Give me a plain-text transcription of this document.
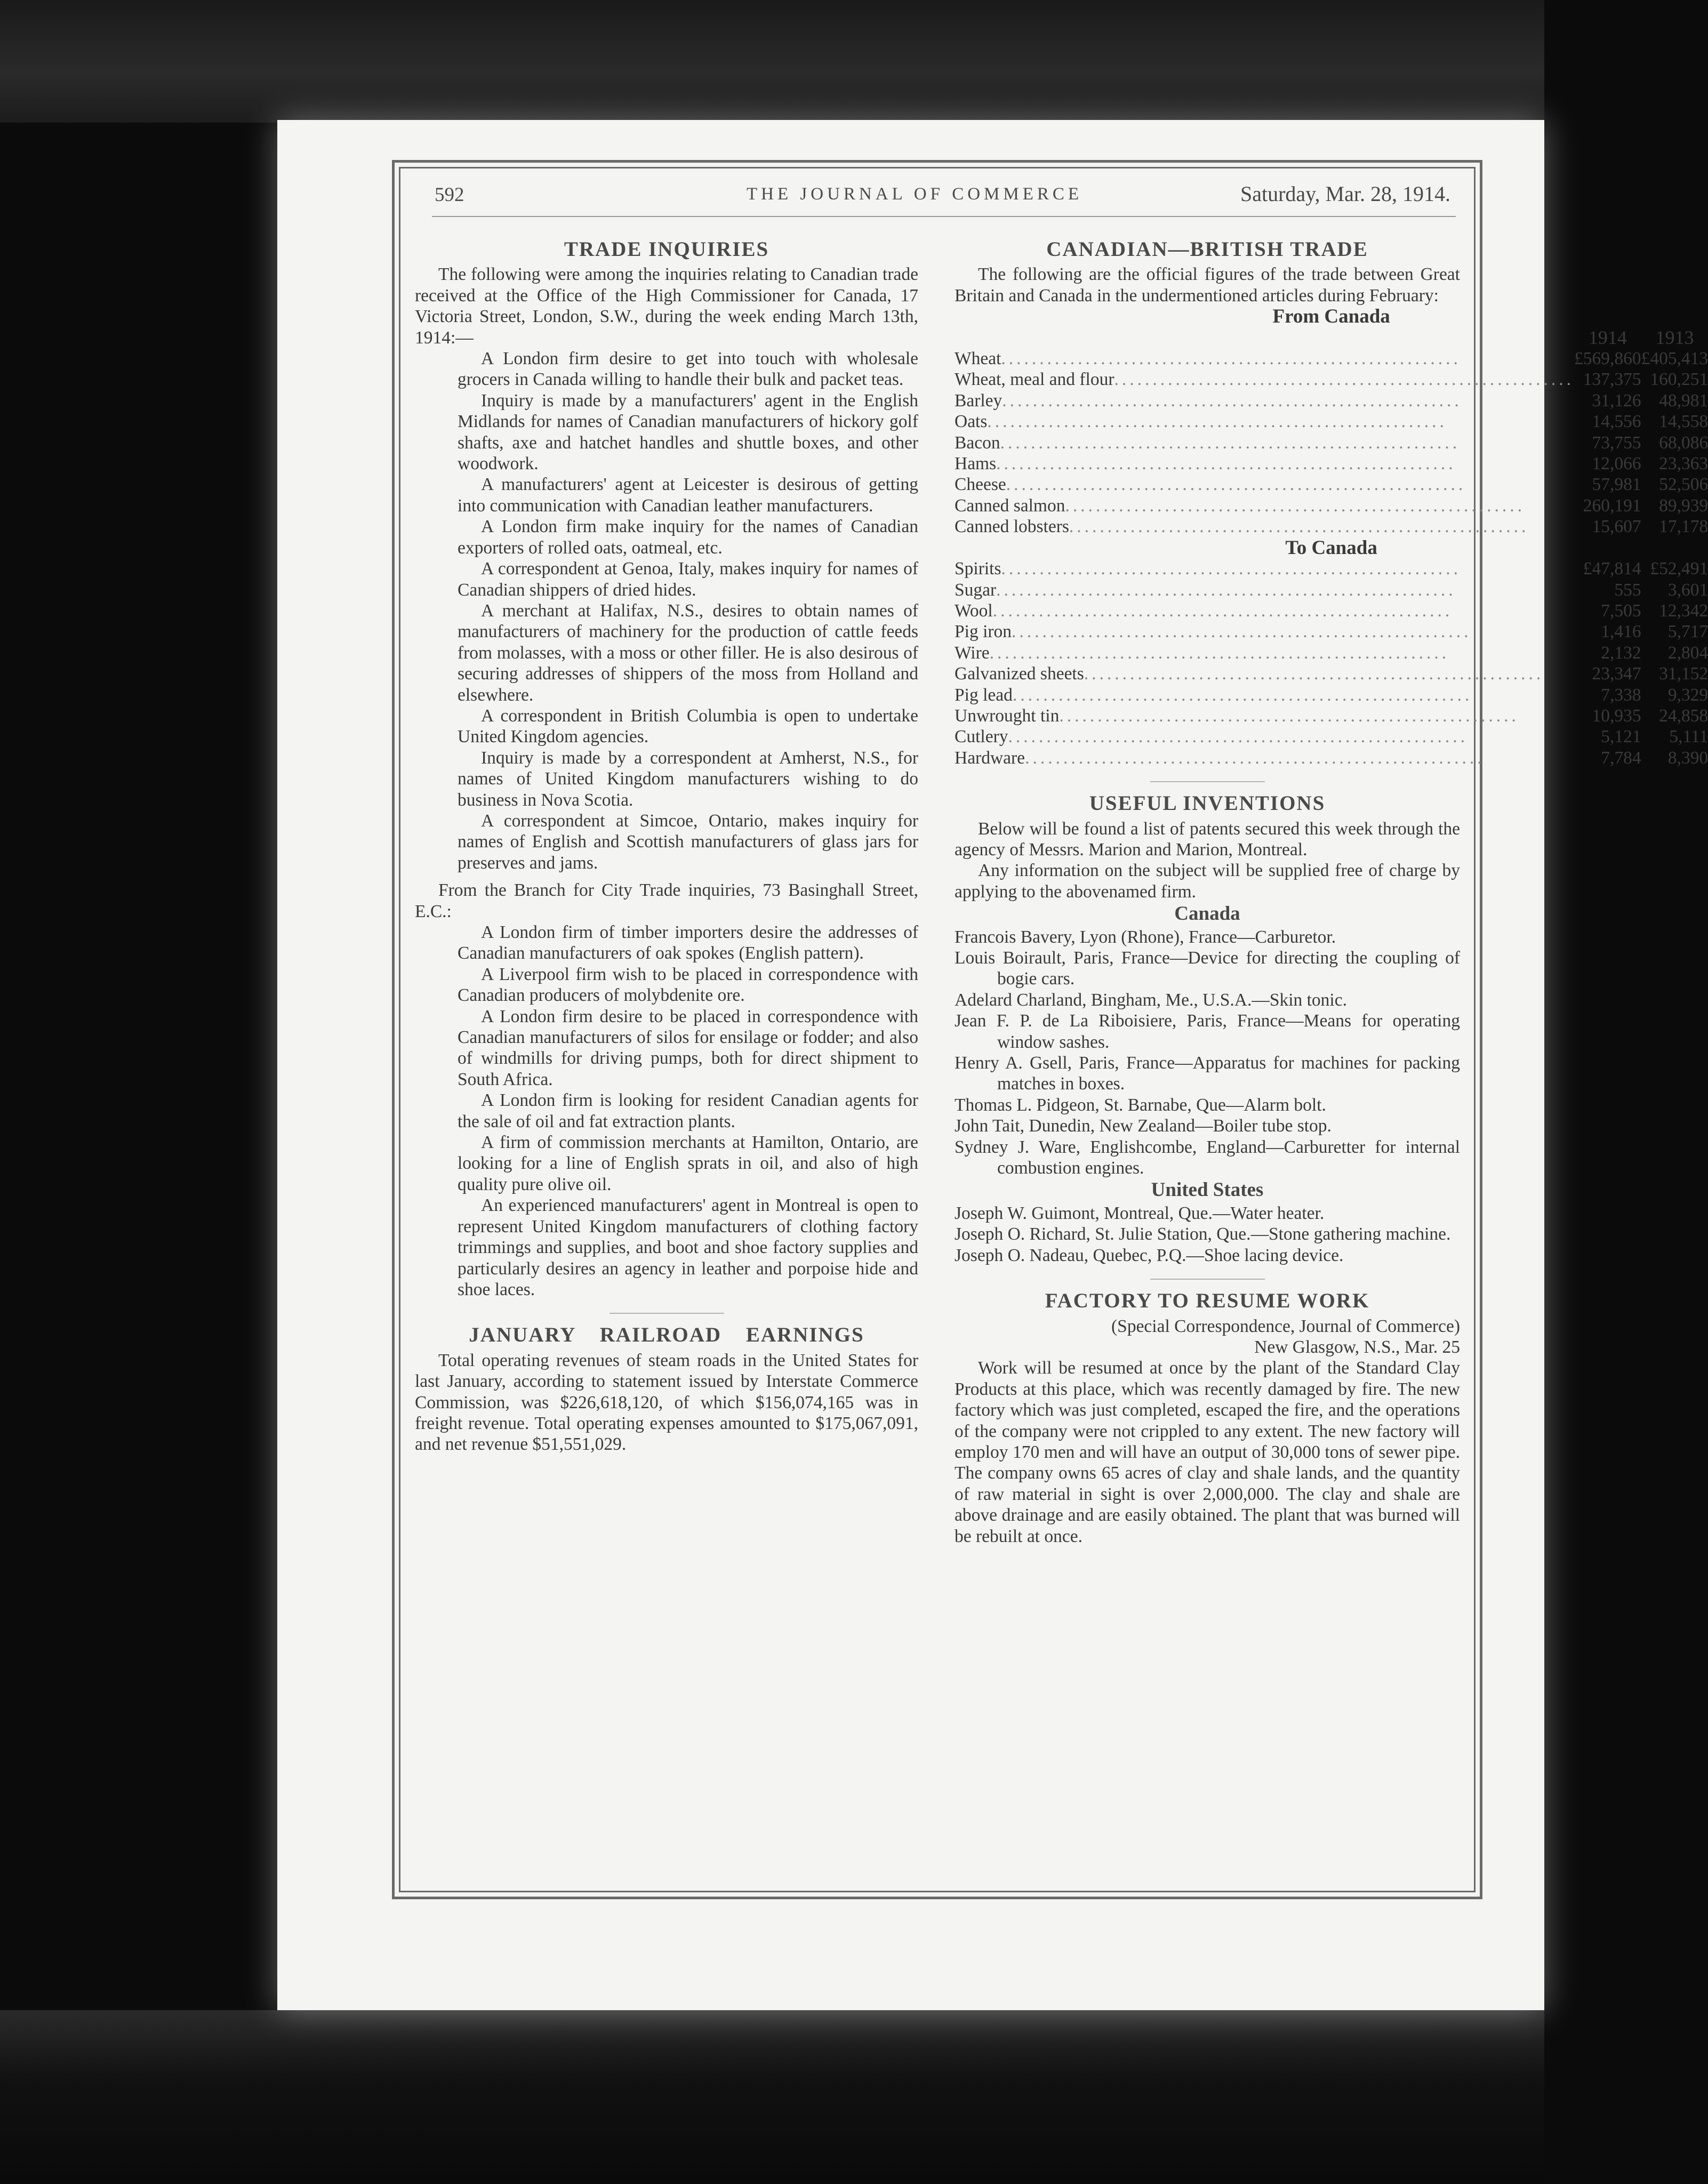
592	THE JOURNAL OF COMMERCE	Saturday, Mar. 28, 1914.
TRADE INQUIRIES

The following were among the inquiries relating to Canadian trade received at the Office of the High Commissioner for Canada, 17 Victoria Street, London, S.W., during the week ending March 13th, 1914:—

A London firm desire to get into touch with wholesale grocers in Canada willing to handle their bulk and packet teas.

Inquiry is made by a manufacturers' agent in the English Midlands for names of Canadian manufacturers of hickory golf shafts, axe and hatchet handles and shuttle boxes, and other woodwork.

A manufacturers' agent at Leicester is desirous of getting into communication with Canadian leather manufacturers.

A London firm make inquiry for the names of Canadian exporters of rolled oats, oatmeal, etc.

A correspondent at Genoa, Italy, makes inquiry for names of Canadian shippers of dried hides.

A merchant at Halifax, N.S., desires to obtain names of manufacturers of machinery for the production of cattle feeds from molasses, with a moss or other filler. He is also desirous of securing addresses of shippers of the moss from Holland and elsewhere.

A correspondent in British Columbia is open to undertake United Kingdom agencies.

Inquiry is made by a correspondent at Amherst, N.S., for names of United Kingdom manufacturers wishing to do business in Nova Scotia.

A correspondent at Simcoe, Ontario, makes inquiry for names of English and Scottish manufacturers of glass jars for preserves and jams.

From the Branch for City Trade inquiries, 73 Basinghall Street, E.C.:

A London firm of timber importers desire the addresses of Canadian manufacturers of oak spokes (English pattern).

A Liverpool firm wish to be placed in correspondence with Canadian producers of molybdenite ore.

A London firm desire to be placed in correspondence with Canadian manufacturers of silos for ensilage or fodder; and also of windmills for driving pumps, both for direct shipment to South Africa.

A London firm is looking for resident Canadian agents for the sale of oil and fat extraction plants.

A firm of commission merchants at Hamilton, Ontario, are looking for a line of English sprats in oil, and also of high quality pure olive oil.

An experienced manufacturers' agent in Montreal is open to represent United Kingdom manufacturers of clothing factory trimmings and supplies, and boot and shoe factory supplies and particularly desires an agency in leather and porpoise hide and shoe laces.

JANUARY RAILROAD EARNINGS

Total operating revenues of steam roads in the United States for last January, according to statement issued by Interstate Commerce Commission, was $226,618,120, of which $156,074,165 was in freight revenue. Total operating expenses amounted to $175,067,091, and net revenue $51,551,029.

CANADIAN—BRITISH TRADE

The following are the official figures of the trade between Great Britain and Canada in the undermentioned articles during February:

From Canada		
	1914	1913
Wheat............................................................	£569,860	£405,413
Wheat, meal and flour............................................................	137,375	160,251
Barley............................................................	31,126	48,981
Oats............................................................	14,556	14,558
Bacon............................................................	73,755	68,086
Hams............................................................	12,066	23,363
Cheese............................................................	57,981	52,506
Canned salmon............................................................	260,191	89,939
Canned lobsters............................................................	15,607	17,178
To Canada		
Spirits............................................................	£47,814	£52,491
Sugar............................................................	555	3,601
Wool............................................................	7,505	12,342
Pig iron............................................................	1,416	5,717
Wire............................................................	2,132	2,804
Galvanized sheets............................................................	23,347	31,152
Pig lead............................................................	7,338	9,329
Unwrought tin............................................................	10,935	24,858
Cutlery............................................................	5,121	5,111
Hardware............................................................	7,784	8,390
USEFUL INVENTIONS

Below will be found a list of patents secured this week through the agency of Messrs. Marion and Marion, Montreal.

Any information on the subject will be supplied free of charge by applying to the abovenamed firm.

Canada

Francois Bavery, Lyon (Rhone), France—Carburetor.

Louis Boirault, Paris, France—Device for directing the coupling of bogie cars.

Adelard Charland, Bingham, Me., U.S.A.—Skin tonic.

Jean F. P. de La Riboisiere, Paris, France—Means for operating window sashes.

Henry A. Gsell, Paris, France—Apparatus for machines for packing matches in boxes.

Thomas L. Pidgeon, St. Barnabe, Que—Alarm bolt.

John Tait, Dunedin, New Zealand—Boiler tube stop.

Sydney J. Ware, Englishcombe, England—Carburetter for internal combustion engines.

United States

Joseph W. Guimont, Montreal, Que.—Water heater.

Joseph O. Richard, St. Julie Station, Que.—Stone gathering machine.

Joseph O. Nadeau, Quebec, P.Q.—Shoe lacing device.

FACTORY TO RESUME WORK

(Special Correspondence, Journal of Commerce)

New Glasgow, N.S., Mar. 25

Work will be resumed at once by the plant of the Standard Clay Products at this place, which was recently damaged by fire. The new factory which was just completed, escaped the fire, and the operations of the company were not crippled to any extent. The new factory will employ 170 men and will have an output of 30,000 tons of sewer pipe. The company owns 65 acres of clay and shale lands, and the quantity of raw material in sight is over 2,000,000. The clay and shale are above drainage and are easily obtained. The plant that was burned will be rebuilt at once.
